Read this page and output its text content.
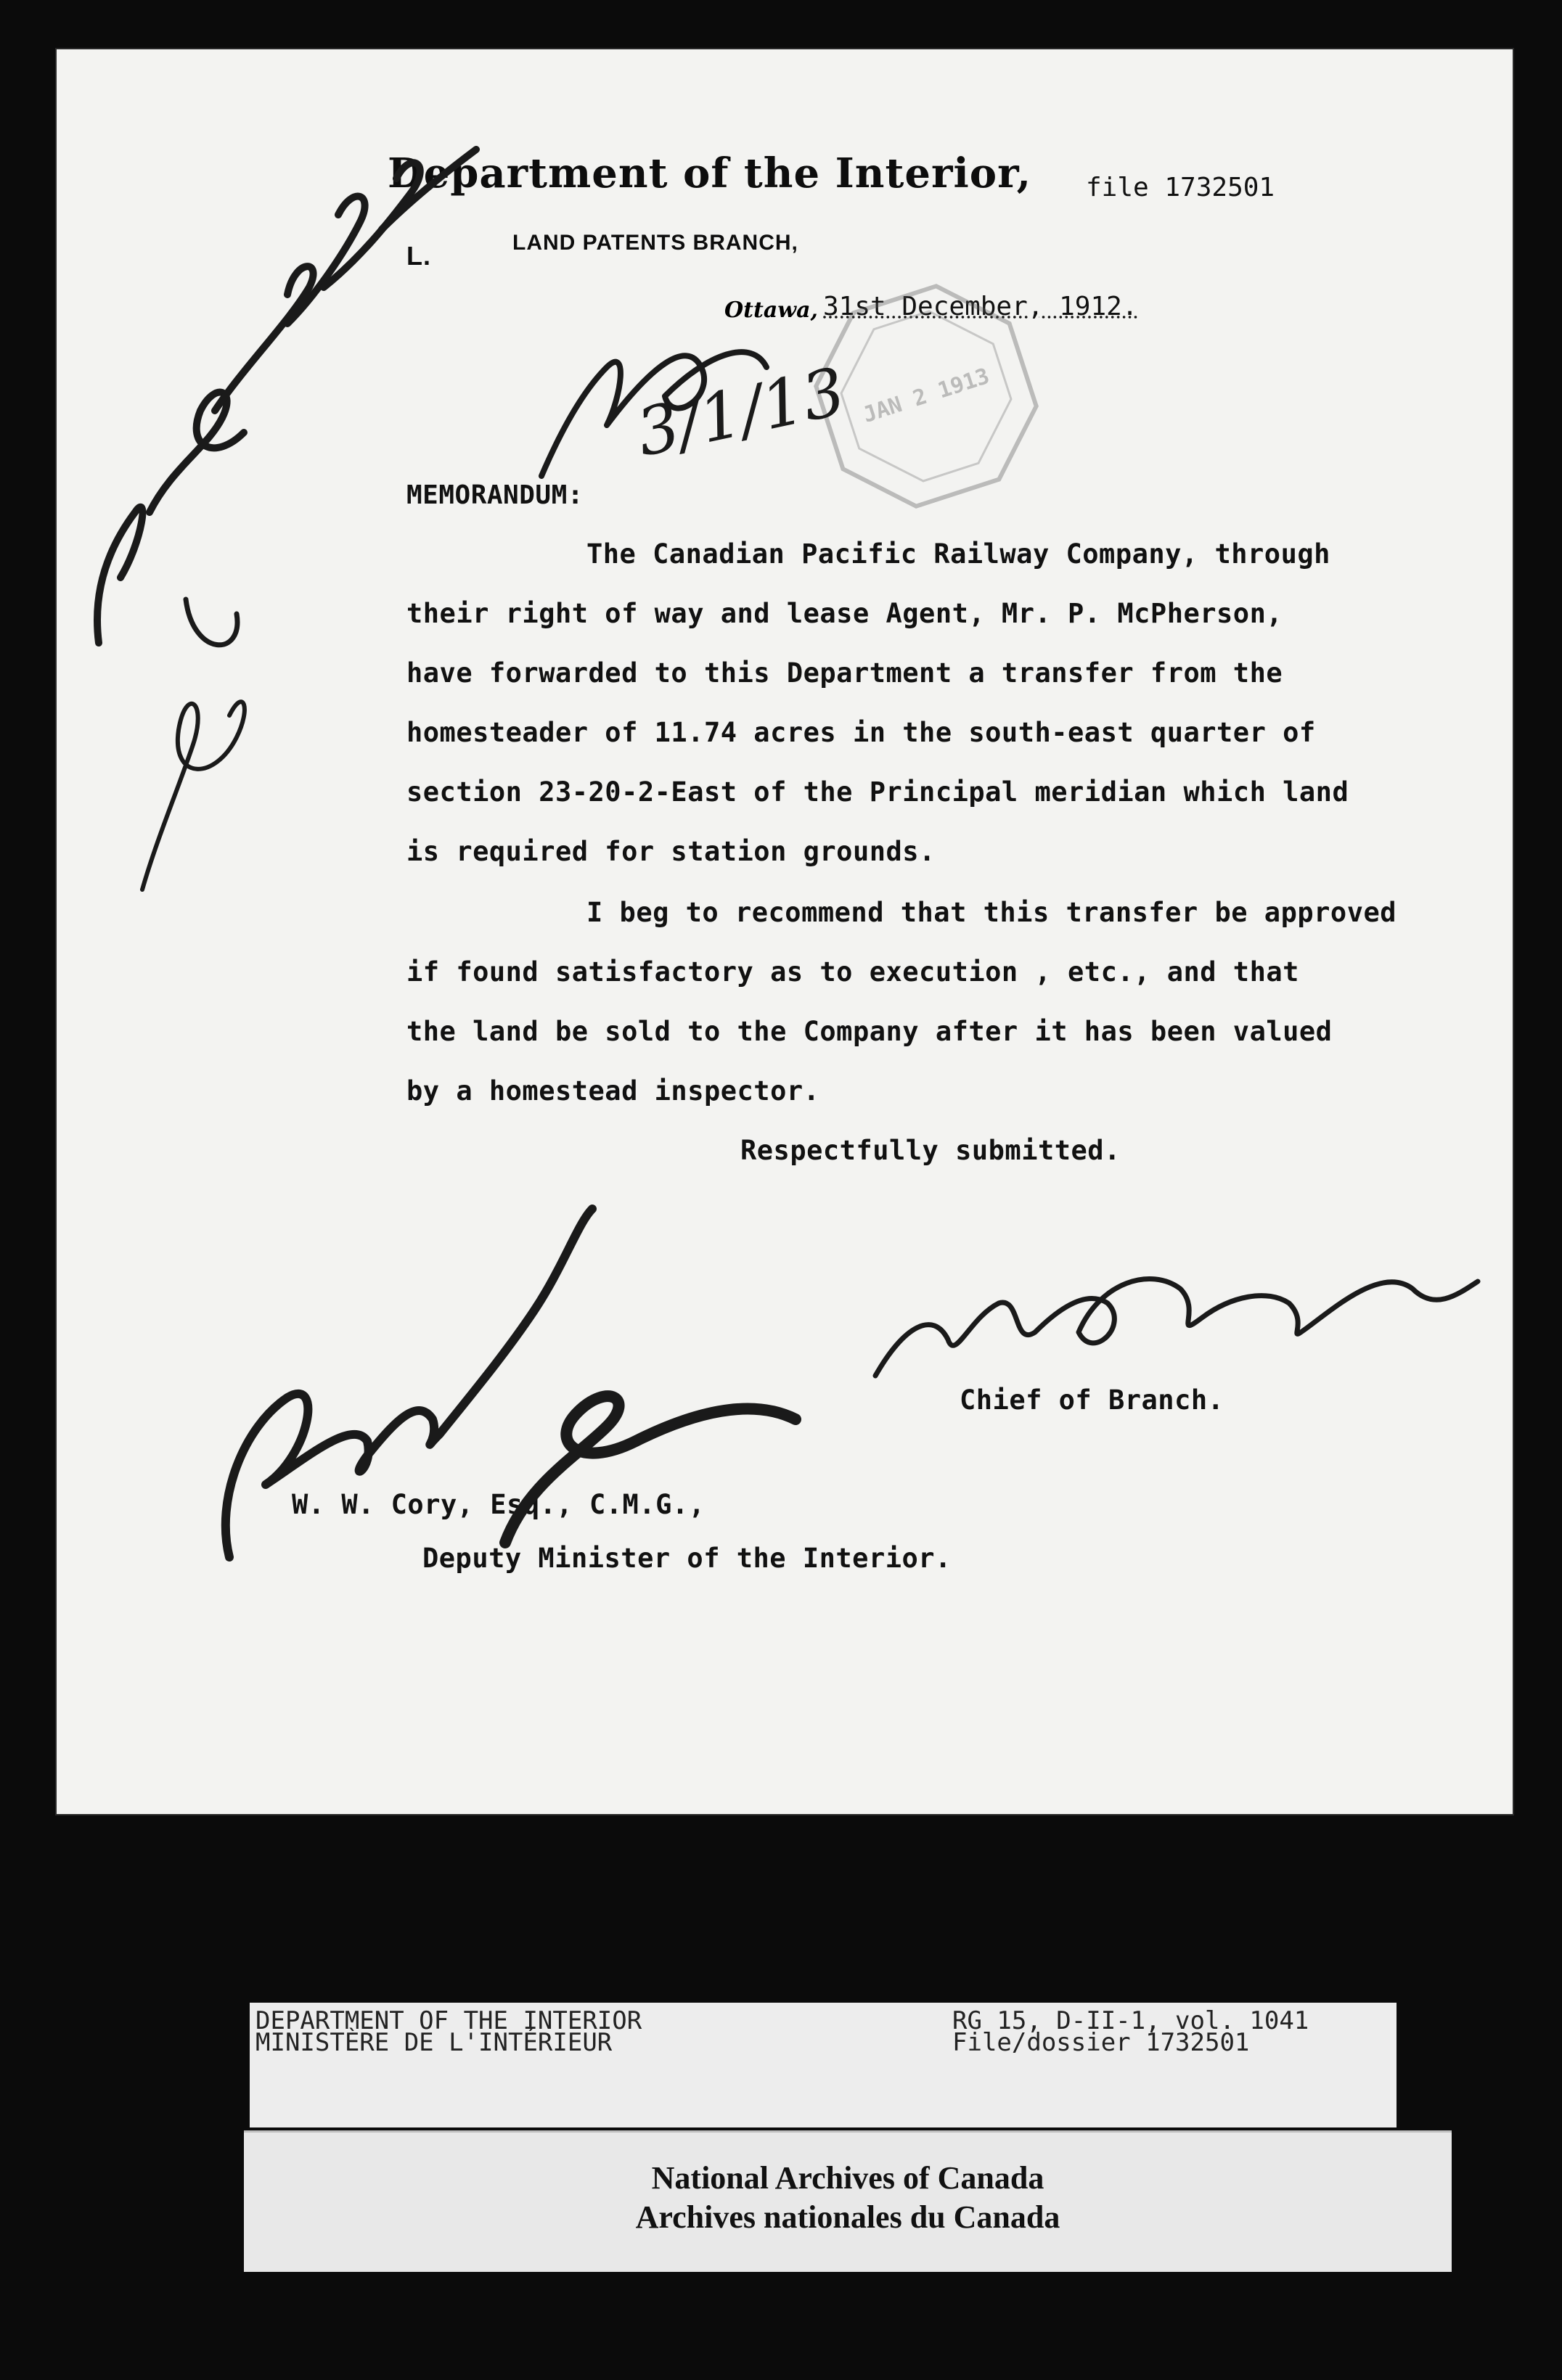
Department of the Interior, file 1732501
L.	LAND PATENTS BRANCH,
Ottawa, 31st December, 1912.
JAN 2 1913
MEMORANDUM:
The Canadian Pacific Railway Company, through
their right of way and lease Agent, Mr. P. McPherson,
have forwarded to this Department a transfer from the
homesteader of 11.74 acres in the south-east quarter of
section 23-20-2-East of the Principal meridian which land
is required for station grounds.
I beg to recommend that this transfer be approved
if found satisfactory as to execution , etc., and that
the land be sold to the Company after it has been valued
by a homestead inspector.
Respectfully submitted.
Chief of Branch.
W. W. Cory, Esq., C.M.G.,
Deputy Minister of the Interior.
3/1/13
DEPARTMENT OF THE INTERIOR
MINISTÈRE DE L'INTÉRIEUR
RG 15, D-II-1, vol. 1041
File/dossier 1732501
National Archives of Canada
Archives nationales du Canada
